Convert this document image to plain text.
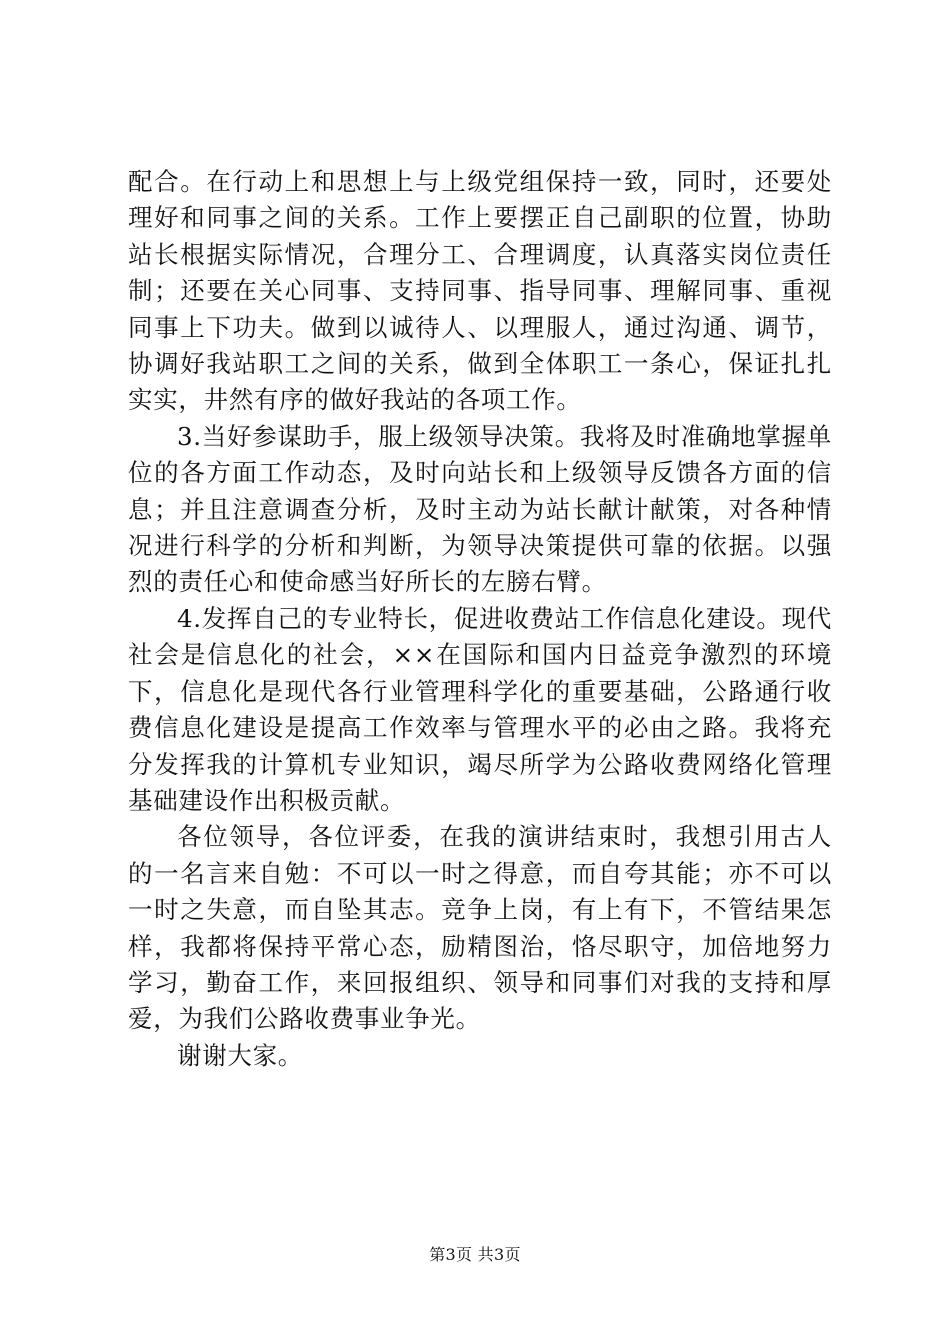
配合。在行动上和思想上与上级党组保持一致，同时，还要处理好和同事之间的关系。工作上要摆正自己副职的位置，协助站长根据实际情况，合理分工、合理调度，认真落实岗位责任制；还要在关心同事、支持同事、指导同事、理解同事、重视同事上下功夫。做到以诚待人、以理服人，通过沟通、调节，协调好我站职工之间的关系，做到全体职工一条心，保证扎扎实实，井然有序的做好我站的各项工作。

3.当好参谋助手，服上级领导决策。我将及时准确地掌握单位的各方面工作动态，及时向站长和上级领导反馈各方面的信息；并且注意调查分析，及时主动为站长献计献策，对各种情况进行科学的分析和判断，为领导决策提供可靠的依据。以强烈的责任心和使命感当好所长的左膀右臂。

4.发挥自己的专业特长，促进收费站工作信息化建设。现代社会是信息化的社会，××在国际和国内日益竞争激烈的环境下，信息化是现代各行业管理科学化的重要基础，公路通行收费信息化建设是提高工作效率与管理水平的必由之路。我将充分发挥我的计算机专业知识，竭尽所学为公路收费网络化管理基础建设作出积极贡献。

各位领导，各位评委，在我的演讲结束时，我想引用古人的一名言来自勉：不可以一时之得意，而自夸其能；亦不可以一时之失意，而自坠其志。竞争上岗，有上有下，不管结果怎样，我都将保持平常心态，励精图治，恪尽职守，加倍地努力学习，勤奋工作，来回报组织、领导和同事们对我的支持和厚爱，为我们公路收费事业争光。

谢谢大家。

第3页 共3页
